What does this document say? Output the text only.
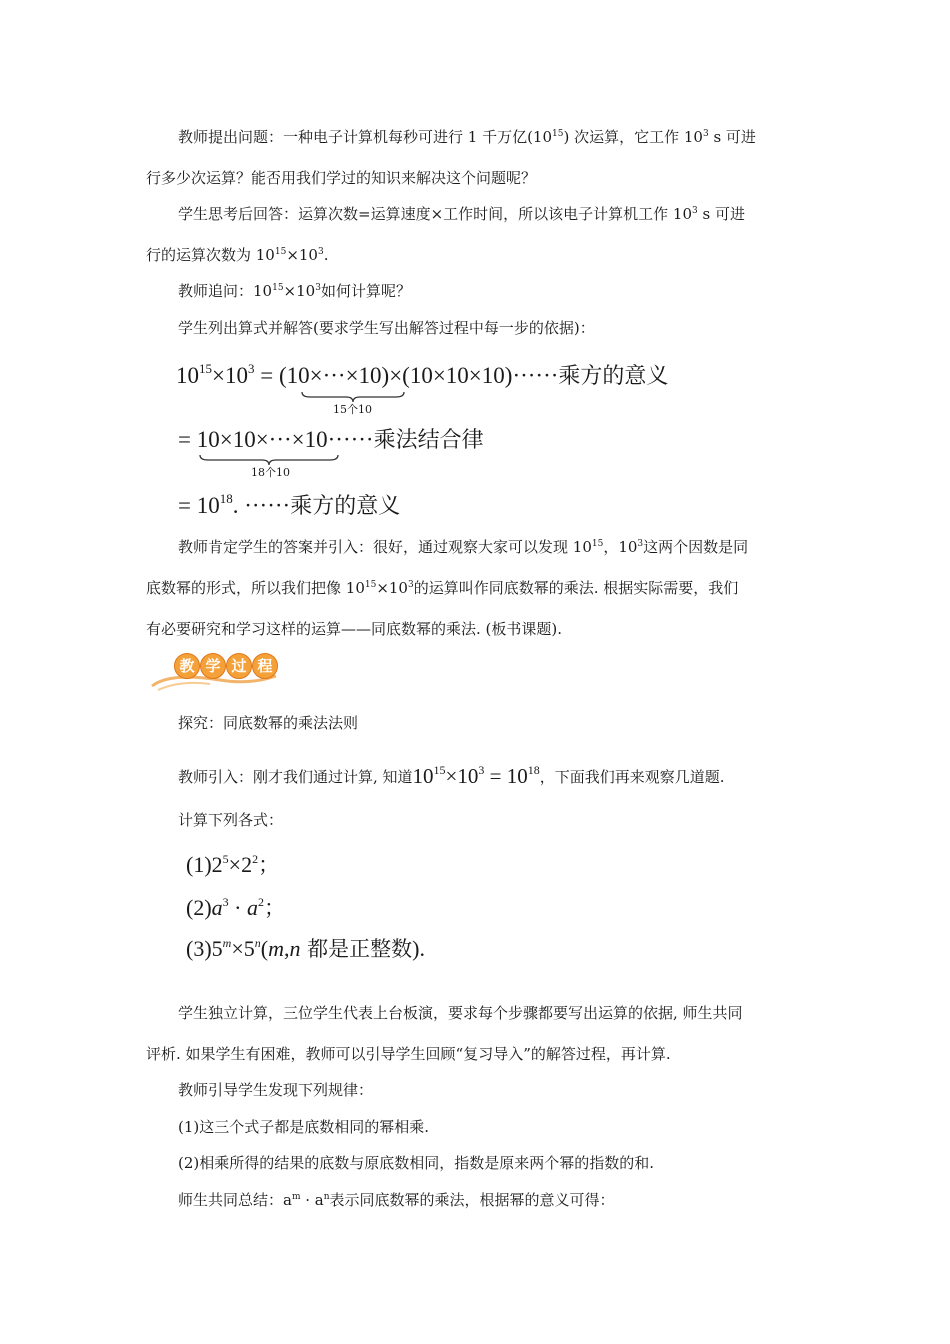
教师提出问题：一种电子计算机每秒可进行 1 千万亿$(10^{15})$ 次运算，它工作 $10^3$ s 可进
行多少次运算？能否用我们学过的知识来解决这个问题呢？
学生思考后回答：运算次数=运算速度×工作时间，所以该电子计算机工作 $10^3$ s 可进
行的运算次数为 $10^{15}\times 10^3$.
教师追问：$10^{15}\times 10^3$如何计算呢？
学生列出算式并解答(要求学生写出解答过程中每一步的依据)：
$10^{15}\times 10^3 = (10\times\cdot\cdot\cdot\times 10)\times(10\times 10\times 10)\cdot\cdot\cdot\cdot\cdot\cdot$乘方的意义
15个10
= 10×10×···×10······乘法结合律
18个10
= $10^{18}$. ······乘方的意义
教师肯定学生的答案并引入：很好，通过观察大家可以发现 $10^{15}$，$10^3$这两个因数是同
底数幂的形式，所以我们把像 $10^{15}\times 10^3$的运算叫作同底数幂的乘法. 根据实际需要，我们
有必要研究和学习这样的运算——同底数幂的乘法. (板书课题).
教 学 过 程
探究：同底数幂的乘法法则
教师引入：刚才我们通过计算, 知道$10^{15}\times 10^3 = 10^{18}$，下面我们再来观察几道题.
计算下列各式：
$(1)2^5\times 2^2$；
$(2)a^3 \cdot a^2$；
$(3)5^m\times 5^n(m,n$ 都是正整数).
学生独立计算，三位学生代表上台板演，要求每个步骤都要写出运算的依据, 师生共同
评析. 如果学生有困难，教师可以引导学生回顾“复习导入”的解答过程，再计算.
教师引导学生发现下列规律：
(1)这三个式子都是底数相同的幂相乘.
(2)相乘所得的结果的底数与原底数相同，指数是原来两个幂的指数的和.
师生共同总结：$a^m \cdot a^n$表示同底数幂的乘法，根据幂的意义可得：
